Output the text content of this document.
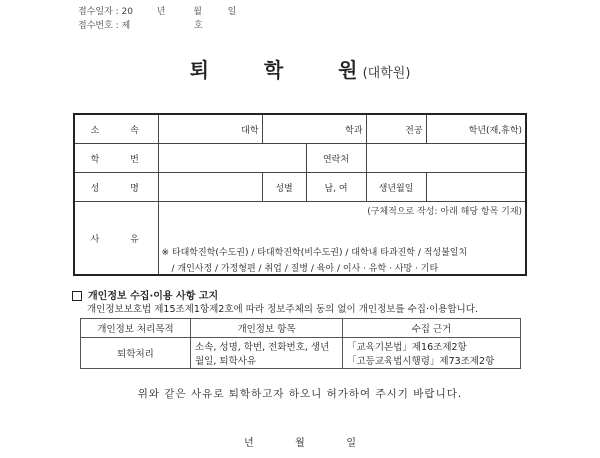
접수일자 : 20	년	월	일
접수번호 : 제	호
퇴 학 원 (대학원)
소 속	대학	학과		전공	학년(재,휴학)
학 번			연락처		
성 명		성별	남, 여	생년월일	
사 유	(구체적으로 작성: 아래 해당 항목 기재)
※ 타대학진학(수도권) / 타대학진학(비수도권) / 대학내 타과진학 / 적성불일치
/ 개인사정 / 가정형편 / 취업 / 질병 / 육아 / 이사 · 유학 · 사망 · 기타				
개인정보 수집·이용 사항 고지
개인정보보호법 제15조제1항제2호에 따라 정보주체의 동의 없이 개인정보를 수집·이용합니다.
개인정보 처리목적	개인정보 항목	수집 근거
퇴학처리	소속, 성명, 학번, 전화번호, 생년월일, 퇴학사유	「교육기본법」제16조제2항
「고등교육법시행령」제73조제2항
위와 같은 사유로 퇴학하고자 하오니 허가하여 주시기 바랍니다.
년	월	일
